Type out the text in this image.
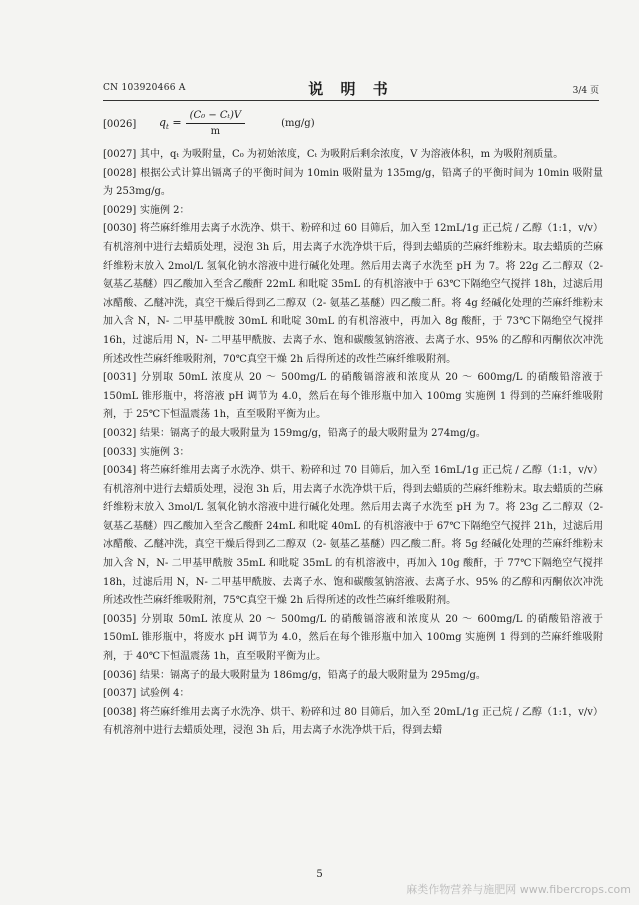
CN 103920466 A	说 明 书	3/4 页
[0026] $q_t = \frac{\text{(C₀ − Cₜ)V}}{m}$	(mg/g)
[0027] 其中，qₜ 为吸附量，C₀ 为初始浓度，Cₜ 为吸附后剩余浓度，V 为溶液体积，m 为吸附剂质量。
[0028] 根据公式计算出镉离子的平衡时间为 10min 吸附量为 135mg/g，铅离子的平衡时间为 10min 吸附量为 253mg/g。
[0029] 实施例 2：
[0030] 将苎麻纤维用去离子水洗净、烘干、粉碎和过 60 目筛后，加入至 12mL/1g 正己烷 / 乙醇（1:1，v/v）有机溶剂中进行去蜡质处理，浸泡 3h 后，用去离子水洗净烘干后，得到去蜡质的苎麻纤维粉末。取去蜡质的苎麻纤维粉末放入 2mol/L 氢氧化钠水溶液中进行碱化处理。然后用去离子水洗至 pH 为 7。将 22g 乙二醇双（2- 氨基乙基醚）四乙酸加入至含乙酸酐 22mL 和吡啶 35mL 的有机溶液中于 63℃下隔绝空气搅拌 18h，过滤后用冰醋酸、乙醚冲洗，真空干燥后得到乙二醇双（2- 氨基乙基醚）四乙酸二酐。将 4g 经碱化处理的苎麻纤维粉末加入含 N，N- 二甲基甲酰胺 30mL 和吡啶 30mL 的有机溶液中，再加入 8g 酸酐，于 73℃下隔绝空气搅拌 16h，过滤后用 N，N- 二甲基甲酰胺、去离子水、饱和碳酸氢钠溶液、去离子水、95% 的乙醇和丙酮依次冲洗所述改性苎麻纤维吸附剂，70℃真空干燥 2h 后得所述的改性苎麻纤维吸附剂。
[0031] 分别取 50mL 浓度从 20 ～ 500mg/L 的硝酸镉溶液和浓度从 20 ～ 600mg/L 的硝酸铅溶液于 150mL 锥形瓶中，将溶液 pH 调节为 4.0，然后在每个锥形瓶中加入 100mg 实施例 1 得到的苎麻纤维吸附剂，于 25℃下恒温震荡 1h，直至吸附平衡为止。
[0032] 结果：镉离子的最大吸附量为 159mg/g，铅离子的最大吸附量为 274mg/g。
[0033] 实施例 3：
[0034] 将苎麻纤维用去离子水洗净、烘干、粉碎和过 70 目筛后，加入至 16mL/1g 正己烷 / 乙醇（1:1，v/v）有机溶剂中进行去蜡质处理，浸泡 3h 后，用去离子水洗净烘干后，得到去蜡质的苎麻纤维粉末。取去蜡质的苎麻纤维粉末放入 3mol/L 氢氧化钠水溶液中进行碱化处理。然后用去离子水洗至 pH 为 7。将 23g 乙二醇双（2- 氨基乙基醚）四乙酸加入至含乙酸酐 24mL 和吡啶 40mL 的有机溶液中于 67℃下隔绝空气搅拌 21h，过滤后用冰醋酸、乙醚冲洗，真空干燥后得到乙二醇双（2- 氨基乙基醚）四乙酸二酐。将 5g 经碱化处理的苎麻纤维粉末加入含 N，N- 二甲基甲酰胺 35mL 和吡啶 35mL 的有机溶液中，再加入 10g 酸酐，于 77℃下隔绝空气搅拌 18h，过滤后用 N，N- 二甲基甲酰胺、去离子水、饱和碳酸氢钠溶液、去离子水、95% 的乙醇和丙酮依次冲洗所述改性苎麻纤维吸附剂，75℃真空干燥 2h 后得所述的改性苎麻纤维吸附剂。
[0035] 分别取 50mL 浓度从 20 ～ 500mg/L 的硝酸镉溶液和浓度从 20 ～ 600mg/L 的硝酸铅溶液于 150mL 锥形瓶中，将废水 pH 调节为 4.0，然后在每个锥形瓶中加入 100mg 实施例 1 得到的苎麻纤维吸附剂，于 40℃下恒温震荡 1h，直至吸附平衡为止。
[0036] 结果：镉离子的最大吸附量为 186mg/g，铅离子的最大吸附量为 295mg/g。
[0037] 试验例 4：
[0038] 将苎麻纤维用去离子水洗净、烘干、粉碎和过 80 目筛后，加入至 20mL/1g 正己烷 / 乙醇（1:1，v/v）有机溶剂中进行去蜡质处理，浸泡 3h 后，用去离子水洗净烘干后，得到去蜡
5
麻类作物营养与施肥网 www.fibercrops.com
